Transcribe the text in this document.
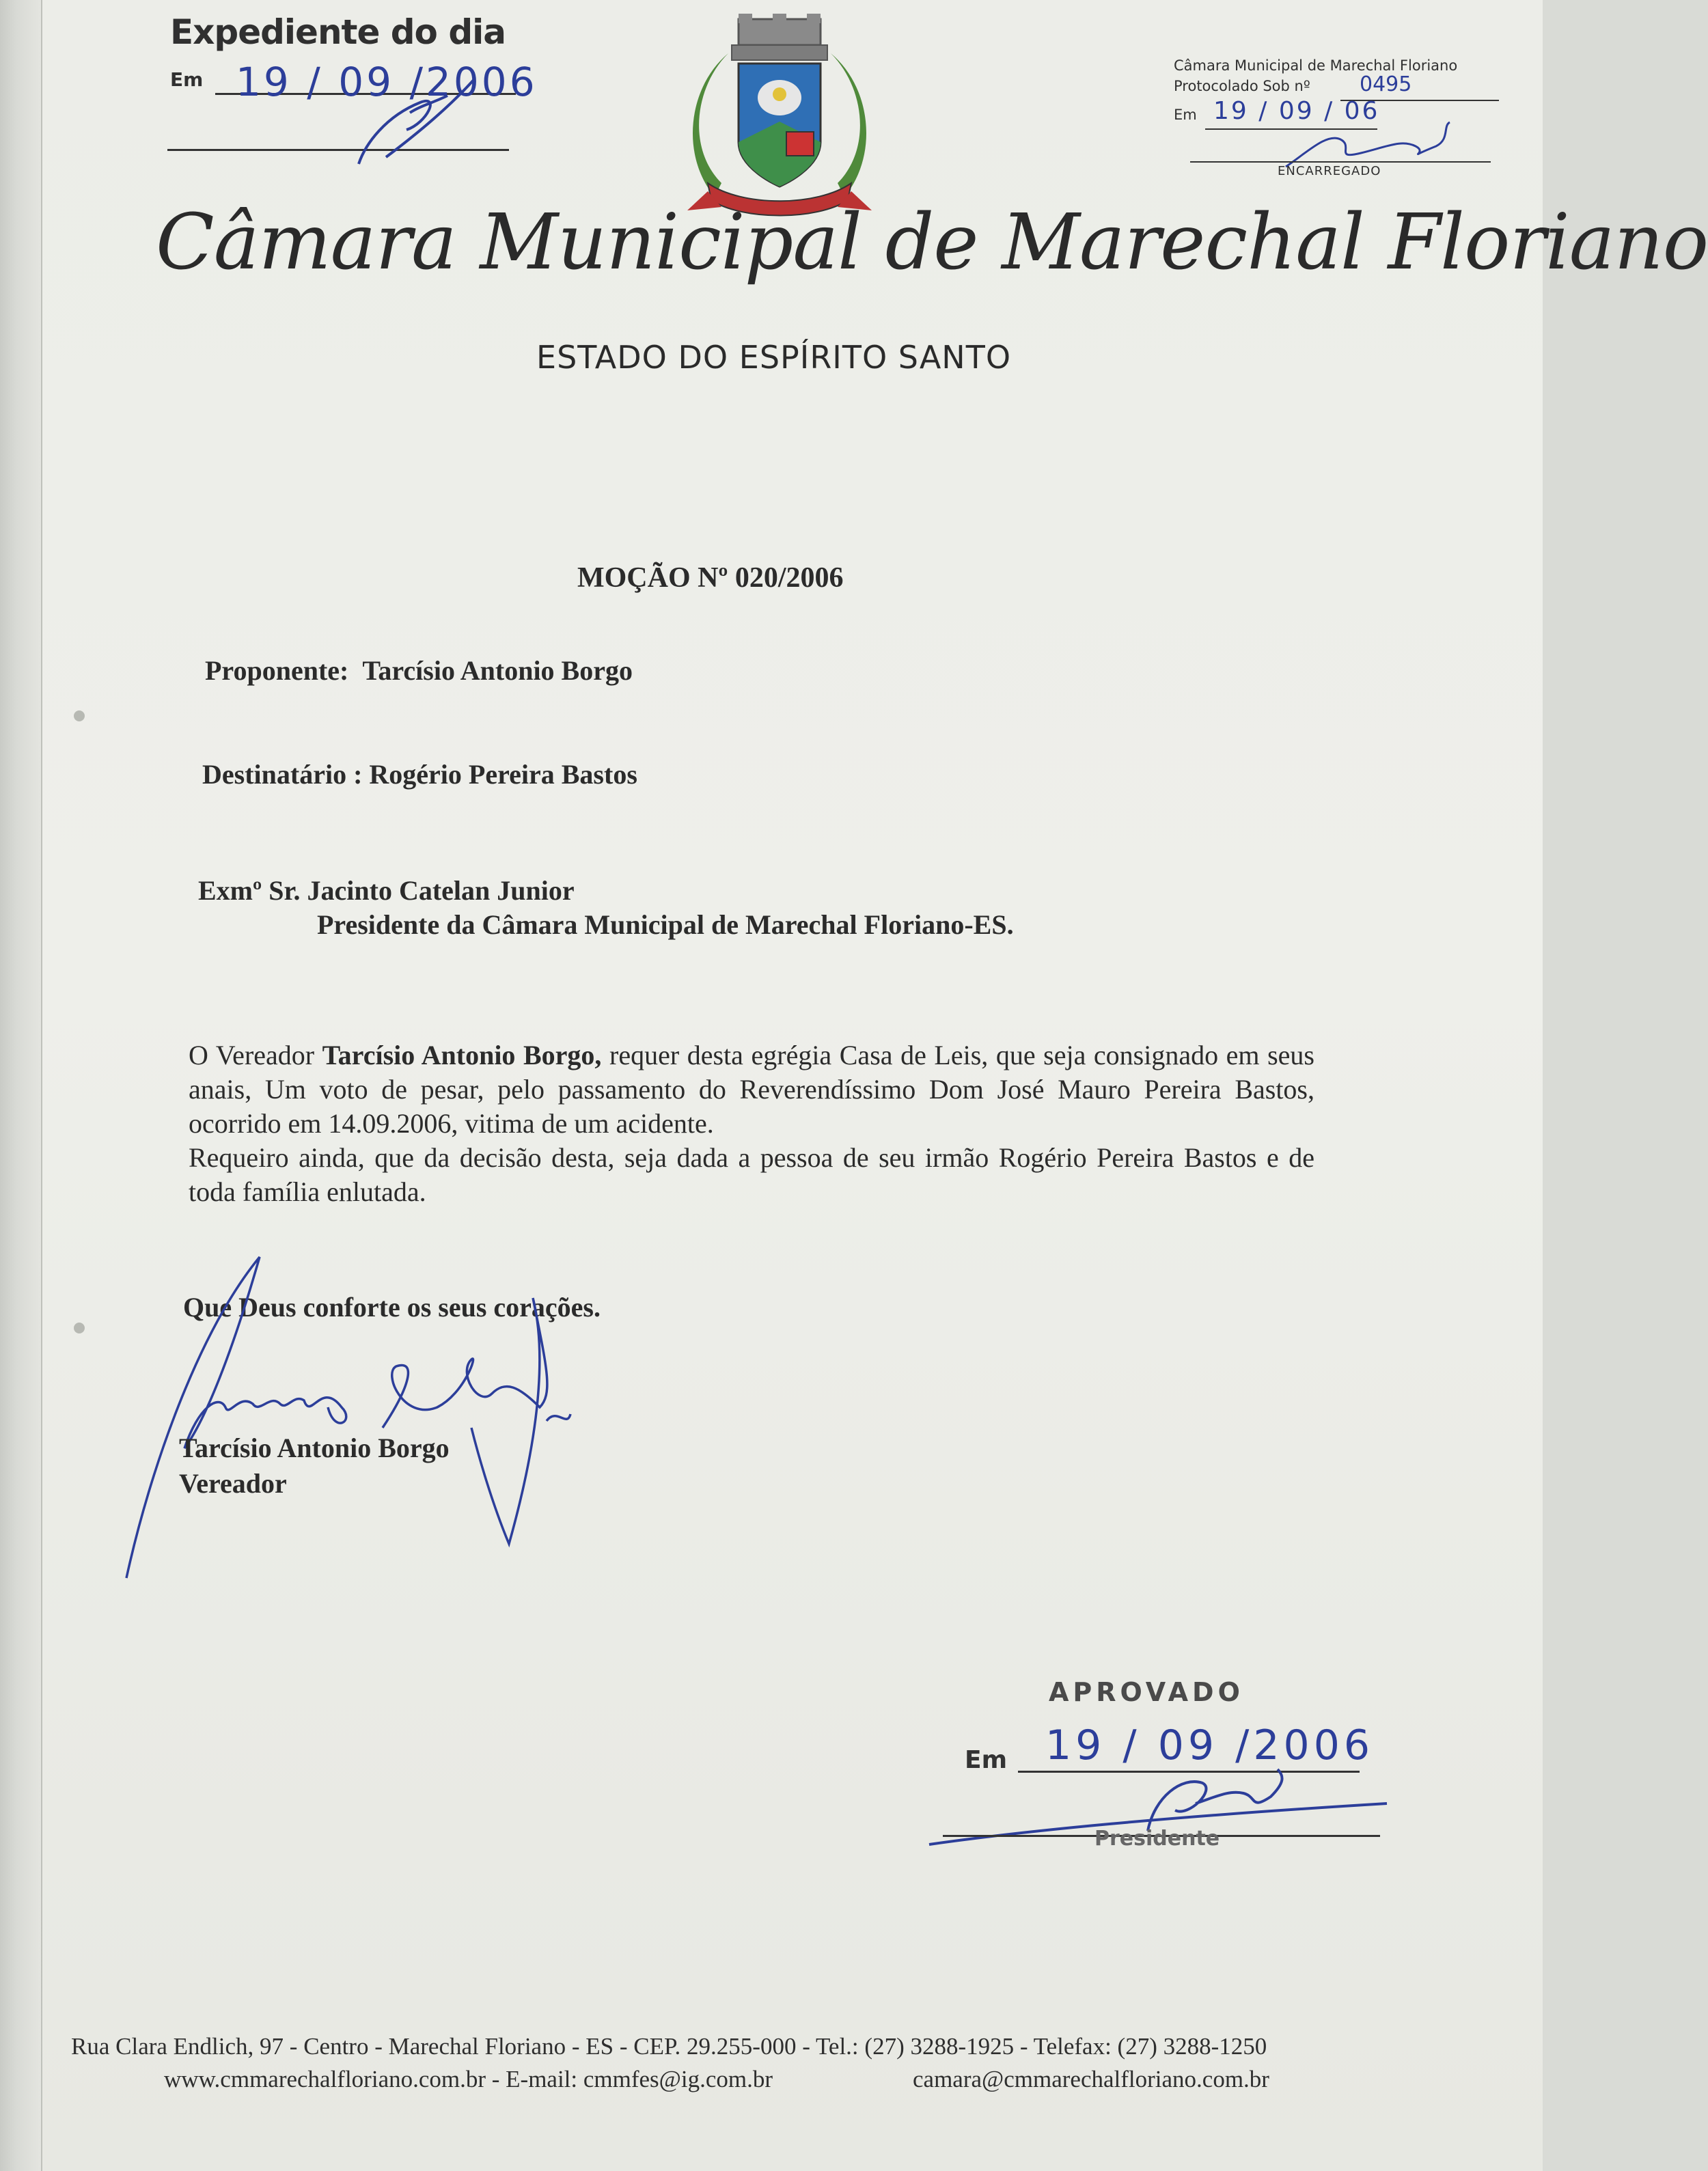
Expediente do dia
Em 19 / 09 /2006	Câmara Municipal de Marechal Floriano
Protocolado Sob nº 0495
Em 19 / 09 / 06
ENCARREGADO
Câmara Municipal de Marechal Floriano
ESTADO DO ESPÍRITO SANTO
MOÇÃO Nº 020/2006
Proponente: Tarcísio Antonio Borgo
Destinatário : Rogério Pereira Bastos
Exmº Sr. Jacinto Catelan Junior
Presidente da Câmara Municipal de Marechal Floriano-ES.

O Vereador Tarcísio Antonio Borgo, requer desta egrégia Casa de Leis, que seja consignado em seus anais, Um voto de pesar, pelo passamento do Reverendíssimo Dom José Mauro Pereira Bastos, ocorrido em 14.09.2006, vitima de um acidente.

Requeiro ainda, que da decisão desta, seja dada a pessoa de seu irmão Rogério Pereira Bastos e de toda família enlutada.

Que Deus conforte os seus corações.
Tarcísio Antonio Borgo
Vereador
APROVADO
Em 19 / 09 /2006
Presidente
Rua Clara Endlich, 97 - Centro - Marechal Floriano - ES - CEP. 29.255-000 - Tel.: (27) 3288-1925 - Telefax: (27) 3288-1250
www.cmmarechalfloriano.com.br - E-mail: cmmfes@ig.com.br	camara@cmmarechalfloriano.com.br
